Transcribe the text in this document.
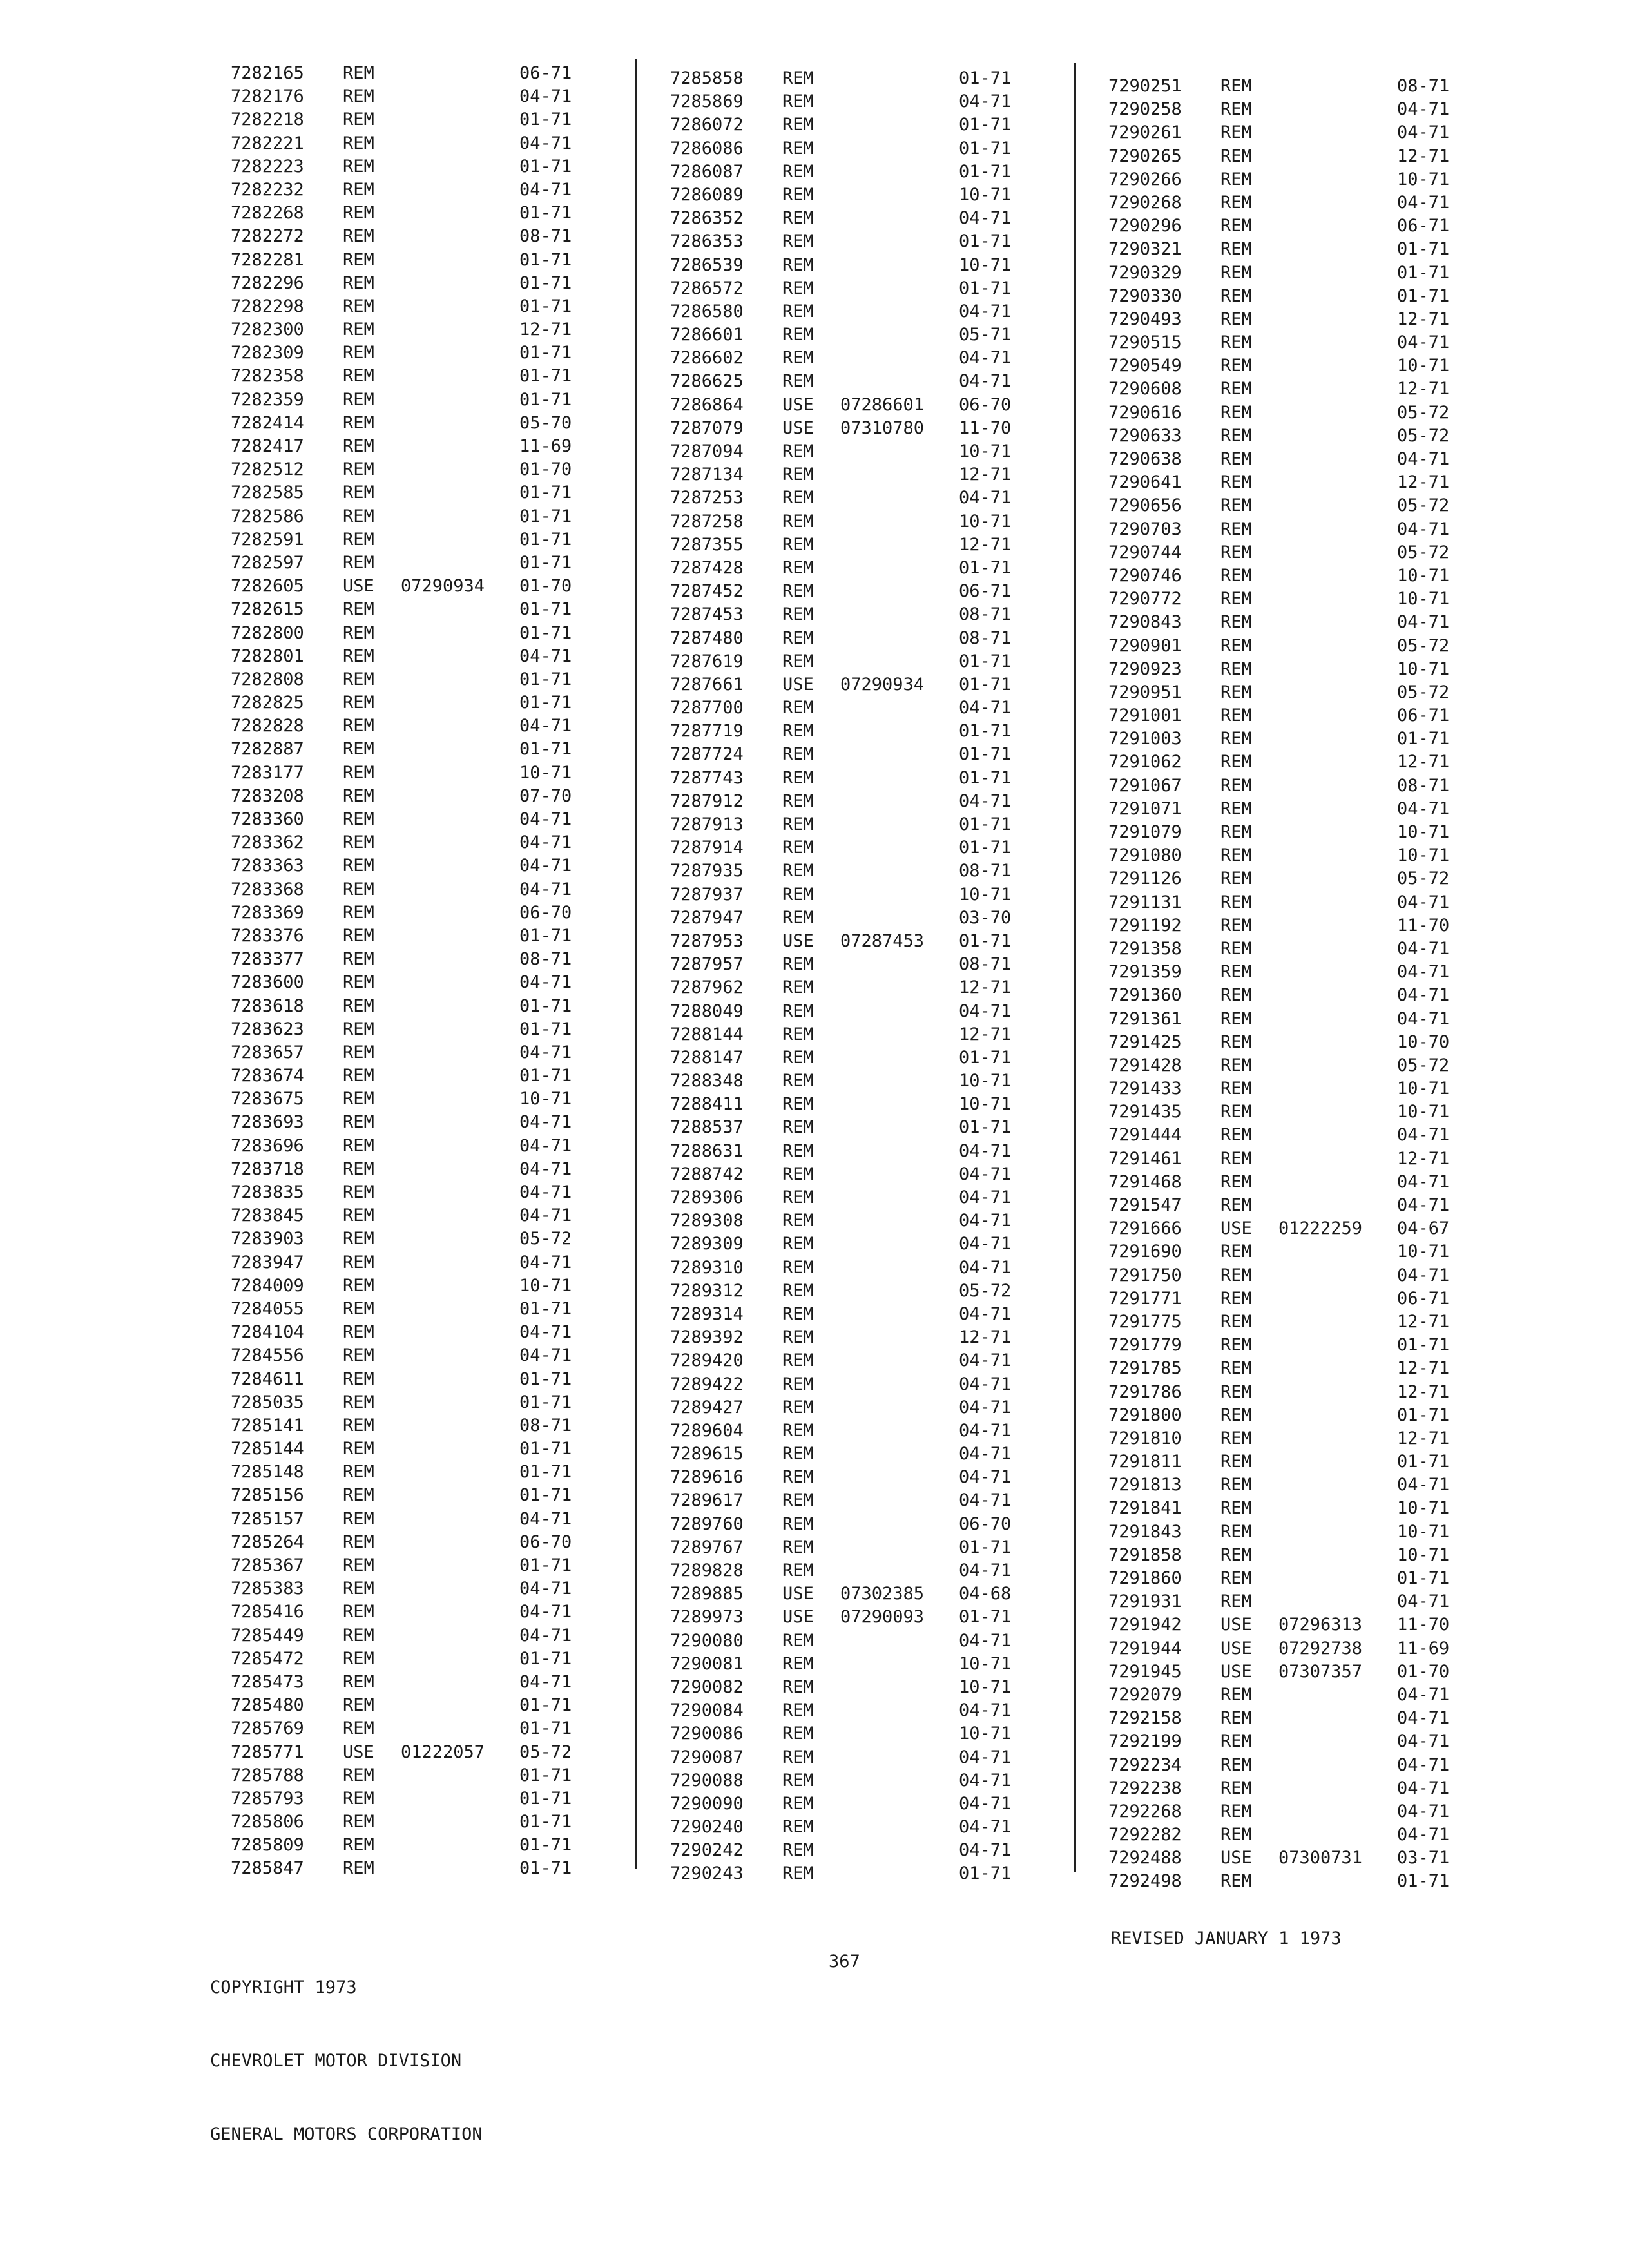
7282165 REM	06-71
7282176 REM	04-71
7282218 REM	01-71
7282221 REM	04-71
7282223 REM	01-71
7282232 REM	04-71
7282268 REM	01-71
7282272 REM	08-71
7282281 REM	01-71
7282296 REM	01-71
7282298 REM	01-71
7282300 REM	12-71
7282309 REM	01-71
7282358 REM	01-71
7282359 REM	01-71
7282414 REM	05-70
7282417 REM	11-69
7282512 REM	01-70
7282585 REM	01-71
7282586 REM	01-71
7282591 REM	01-71
7282597 REM	01-71
7282605 USE 07290934 01-70
7282615 REM	01-71
7282800 REM	01-71
7282801 REM	04-71
7282808 REM	01-71
7282825 REM	01-71
7282828 REM	04-71
7282887 REM	01-71
7283177 REM	10-71
7283208 REM	07-70
7283360 REM	04-71
7283362 REM	04-71
7283363 REM	04-71
7283368 REM	04-71
7283369 REM	06-70
7283376 REM	01-71
7283377 REM	08-71
7283600 REM	04-71
7283618 REM	01-71
7283623 REM	01-71
7283657 REM	04-71
7283674 REM	01-71
7283675 REM	10-71
7283693 REM	04-71
7283696 REM	04-71
7283718 REM	04-71
7283835 REM	04-71
7283845 REM	04-71
7283903 REM	05-72
7283947 REM	04-71
7284009 REM	10-71
7284055 REM	01-71
7284104 REM	04-71
7284556 REM	04-71
7284611 REM	01-71
7285035 REM	01-71
7285141 REM	08-71
7285144 REM	01-71
7285148 REM	01-71
7285156 REM	01-71
7285157 REM	04-71
7285264 REM	06-70
7285367 REM	01-71
7285383 REM	04-71
7285416 REM	04-71
7285449 REM	04-71
7285472 REM	01-71
7285473 REM	04-71
7285480 REM	01-71
7285769 REM	01-71
7285771 USE 01222057 05-72
7285788 REM	01-71
7285793 REM	01-71
7285806 REM	01-71
7285809 REM	01-71
7285847 REM	01-71
7285858 REM	01-71
7285869 REM	04-71
7286072 REM	01-71
7286086 REM	01-71
7286087 REM	01-71
7286089 REM	10-71
7286352 REM	04-71
7286353 REM	01-71
7286539 REM	10-71
7286572 REM	01-71
7286580 REM	04-71
7286601 REM	05-71
7286602 REM	04-71
7286625 REM	04-71
7286864 USE 07286601 06-70
7287079 USE 07310780 11-70
7287094 REM	10-71
7287134 REM	12-71
7287253 REM	04-71
7287258 REM	10-71
7287355 REM	12-71
7287428 REM	01-71
7287452 REM	06-71
7287453 REM	08-71
7287480 REM	08-71
7287619 REM	01-71
7287661 USE 07290934 01-71
7287700 REM	04-71
7287719 REM	01-71
7287724 REM	01-71
7287743 REM	01-71
7287912 REM	04-71
7287913 REM	01-71
7287914 REM	01-71
7287935 REM	08-71
7287937 REM	10-71
7287947 REM	03-70
7287953 USE 07287453 01-71
7287957 REM	08-71
7287962 REM	12-71
7288049 REM	04-71
7288144 REM	12-71
7288147 REM	01-71
7288348 REM	10-71
7288411 REM	10-71
7288537 REM	01-71
7288631 REM	04-71
7288742 REM	04-71
7289306 REM	04-71
7289308 REM	04-71
7289309 REM	04-71
7289310 REM	04-71
7289312 REM	05-72
7289314 REM	04-71
7289392 REM	12-71
7289420 REM	04-71
7289422 REM	04-71
7289427 REM	04-71
7289604 REM	04-71
7289615 REM	04-71
7289616 REM	04-71
7289617 REM	04-71
7289760 REM	06-70
7289767 REM	01-71
7289828 REM	04-71
7289885 USE 07302385 04-68
7289973 USE 07290093 01-71
7290080 REM	04-71
7290081 REM	10-71
7290082 REM	10-71
7290084 REM	04-71
7290086 REM	10-71
7290087 REM	04-71
7290088 REM	04-71
7290090 REM	04-71
7290240 REM	04-71
7290242 REM	04-71
7290243 REM	01-71
7290251 REM	08-71
7290258 REM	04-71
7290261 REM	04-71
7290265 REM	12-71
7290266 REM	10-71
7290268 REM	04-71
7290296 REM	06-71
7290321 REM	01-71
7290329 REM	01-71
7290330 REM	01-71
7290493 REM	12-71
7290515 REM	04-71
7290549 REM	10-71
7290608 REM	12-71
7290616 REM	05-72
7290633 REM	05-72
7290638 REM	04-71
7290641 REM	12-71
7290656 REM	05-72
7290703 REM	04-71
7290744 REM	05-72
7290746 REM	10-71
7290772 REM	10-71
7290843 REM	04-71
7290901 REM	05-72
7290923 REM	10-71
7290951 REM	05-72
7291001 REM	06-71
7291003 REM	01-71
7291062 REM	12-71
7291067 REM	08-71
7291071 REM	04-71
7291079 REM	10-71
7291080 REM	10-71
7291126 REM	05-72
7291131 REM	04-71
7291192 REM	11-70
7291358 REM	04-71
7291359 REM	04-71
7291360 REM	04-71
7291361 REM	04-71
7291425 REM	10-70
7291428 REM	05-72
7291433 REM	10-71
7291435 REM	10-71
7291444 REM	04-71
7291461 REM	12-71
7291468 REM	04-71
7291547 REM	04-71
7291666 USE 01222259 04-67
7291690 REM	10-71
7291750 REM	04-71
7291771 REM	06-71
7291775 REM	12-71
7291779 REM	01-71
7291785 REM	12-71
7291786 REM	12-71
7291800 REM	01-71
7291810 REM	12-71
7291811 REM	01-71
7291813 REM	04-71
7291841 REM	10-71
7291843 REM	10-71
7291858 REM	10-71
7291860 REM	01-71
7291931 REM	04-71
7291942 USE 07296313 11-70
7291944 USE 07292738 11-69
7291945 USE 07307357 01-70
7292079 REM	04-71
7292158 REM	04-71
7292199 REM	04-71
7292234 REM	04-71
7292238 REM	04-71
7292268 REM	04-71
7292282 REM	04-71
7292488 USE 07300731 03-71
7292498 REM	01-71

COPYRIGHT 1973

CHEVROLET MOTOR DIVISION

GENERAL MOTORS CORPORATION

367
REVISED JANUARY 1 1973
